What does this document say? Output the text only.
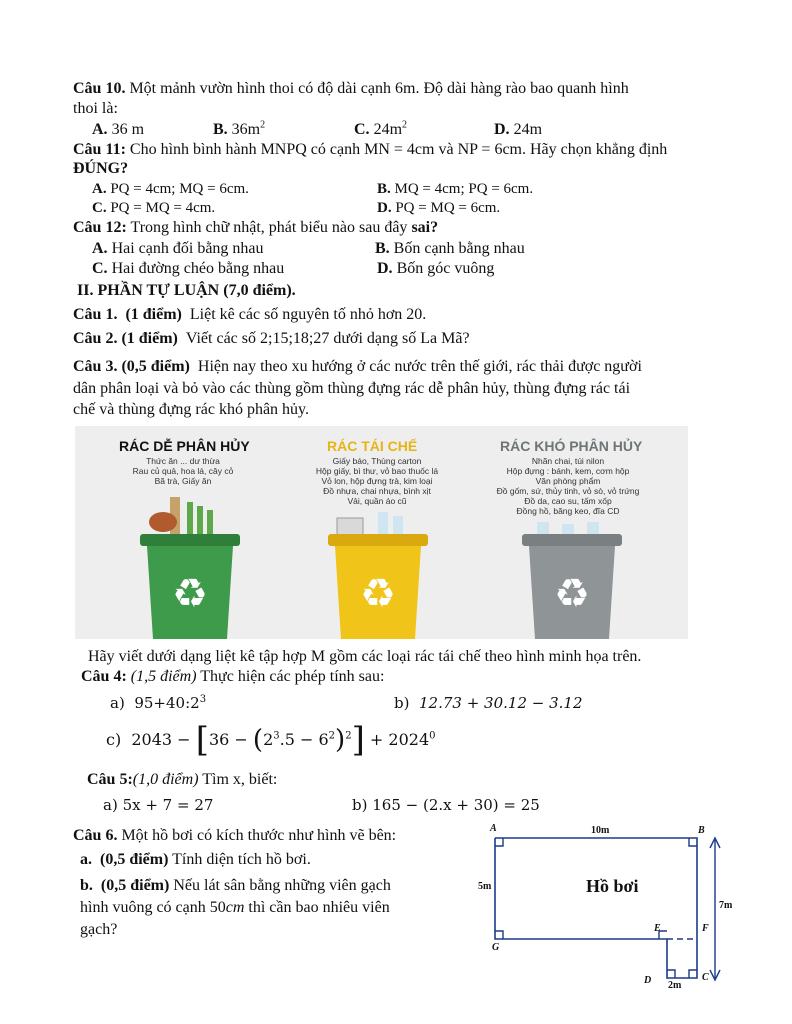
Câu 10. Một mảnh vườn hình thoi có độ dài cạnh 6m. Độ dài hàng rào bao quanh hình
thoi là:
A. 36 m	B. $36m^2$	C. $24m^2$	D. 24m
Câu 11: Cho hình bình hành MNPQ có cạnh MN = 4cm và NP = 6cm. Hãy chọn khẳng định
ĐÚNG?
A. PQ = 4cm; MQ = 6cm.	B. MQ = 4cm; PQ = 6cm.
C. PQ = MQ = 4cm.	D. PQ = MQ = 6cm.
Câu 12: Trong hình chữ nhật, phát biểu nào sau đây sai?
A. Hai cạnh đối bằng nhau	B. Bốn cạnh bằng nhau
C. Hai đường chéo bằng nhau	D. Bốn góc vuông
II. PHẦN TỰ LUẬN (7,0 điểm).
Câu 1. (1 điểm) Liệt kê các số nguyên tố nhỏ hơn 20.
Câu 2. (1 điểm) Viết các số 2;15;18;27 dưới dạng số La Mã?
Câu 3. (0,5 điểm) Hiện nay theo xu hướng ở các nước trên thế giới, rác thải được người
dân phân loại và bỏ vào các thùng gồm thùng đựng rác dễ phân hủy, thùng đựng rác tái
chế và thùng đựng rác khó phân hủy.
RÁC DỄ PHÂN HỦY
Thức ăn ... dư thừa
Rau củ quả, hoa lá, cây cỏ
Bã trà, Giấy ăn
♻
RÁC TÁI CHẾ
Giấy báo, Thùng carton
Hộp giấy, bì thư, vỏ bao thuốc lá
Vỏ lon, hộp đựng trà, kim loại
Đồ nhựa, chai nhựa, bình xịt
Vải, quần áo cũ
♻
RÁC KHÓ PHÂN HỦY
Nhãn chai, túi nilon
Hộp đựng : bánh, kem, cơm hộp
Văn phòng phẩm
Đồ gốm, sứ, thủy tinh, vỏ sò, vỏ trứng
Đồ da, cao su, tấm xốp
Đồng hồ, băng keo, đĩa CD
♻
Hãy viết dưới dạng liệt kê tập hợp M gồm các loại rác tái chế theo hình minh họa trên.
Câu 4: (1,5 điểm) Thực hiện các phép tính sau:
a) $95+40:2^3$	b) 12.73 + 30.12 − 3.12
c) $2043 - [36 - (2^3.5 - 6^2)^2] + 2024^0$
Câu 5:(1,0 điểm) Tìm x, biết:
a) 5x + 7 = 27	b) 165 − (2.x + 30) = 25
Câu 6. Một hồ bơi có kích thước như hình vẽ bên:
a. (0,5 điểm) Tính diện tích hồ bơi.
b. (0,5 điểm) Nếu lát sân bằng những viên gạch
hình vuông có cạnh 50cm thì cần bao nhiêu viên
gạch?
A	B
C
D
E	F
G
10m
5m
7m
2m
Hồ bơi
